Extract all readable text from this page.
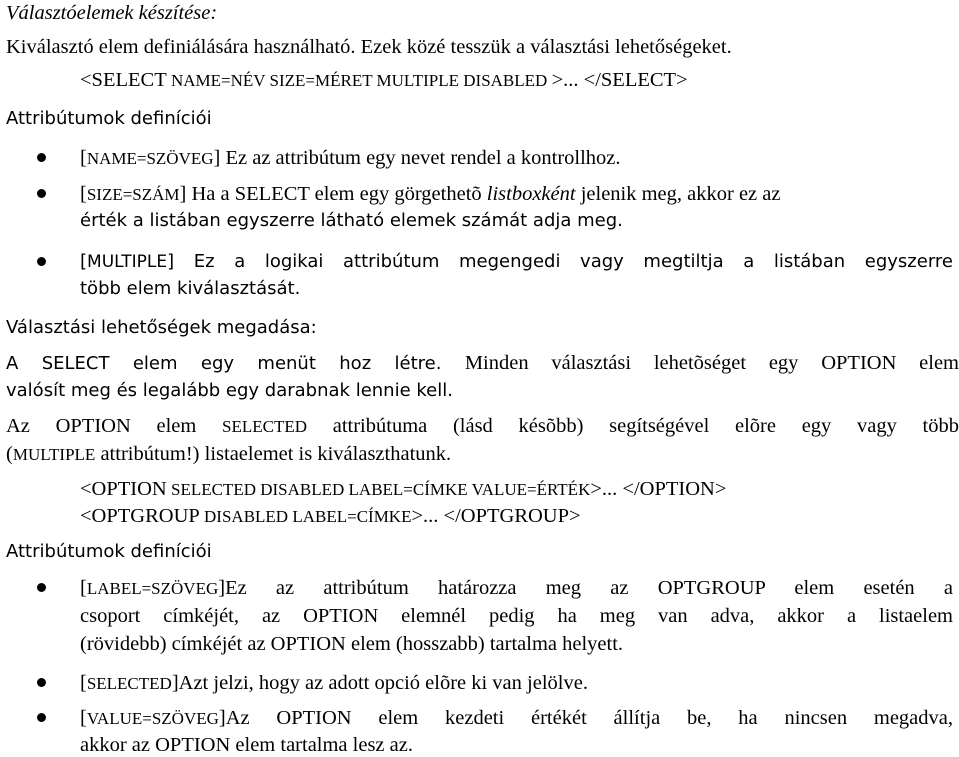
Választóelemek készítése:
Kiválasztó elem definiálására használható. Ezek közé tesszük a választási lehetőségeket.
<SELECT NAME=NÉV SIZE=MÉRET MULTIPLE DISABLED >... </SELECT>
Attribútumok definíciói
[NAME=SZÖVEG] Ez az attribútum egy nevet rendel a kontrollhoz.
[SIZE=SZÁM] Ha a SELECT elem egy görgethetõ listboxként jelenik meg, akkor ez az
érték a listában egyszerre látható elemek számát adja meg.
[MULTIPLE] Ez a logikai attribútum megengedi vagy megtiltja a listában egyszerre
több elem kiválasztását.
Választási lehetőségek megadása:
A SELECT elem egy menüt hoz létre. Minden választási lehetõséget egy OPTION elem
valósít meg és legalább egy darabnak lennie kell.
Az OPTION elem SELECTED attribútuma (lásd késõbb) segítségével elõre egy vagy több
(MULTIPLE attribútum!) listaelemet is kiválaszthatunk.
<OPTION SELECTED DISABLED LABEL=CÍMKE VALUE=ÉRTÉK>... </OPTION>
<OPTGROUP DISABLED LABEL=CÍMKE>... </OPTGROUP>
Attribútumok definíciói
[LABEL=SZÖVEG]Ez az attribútum határozza meg az OPTGROUP elem esetén a
csoport címkéjét, az OPTION elemnél pedig ha meg van adva, akkor a listaelem
(rövidebb) címkéjét az OPTION elem (hosszabb) tartalma helyett.
[SELECTED]Azt jelzi, hogy az adott opció elõre ki van jelölve.
[VALUE=SZÖVEG]Az OPTION elem kezdeti értékét állítja be, ha nincsen megadva,
akkor az OPTION elem tartalma lesz az.
